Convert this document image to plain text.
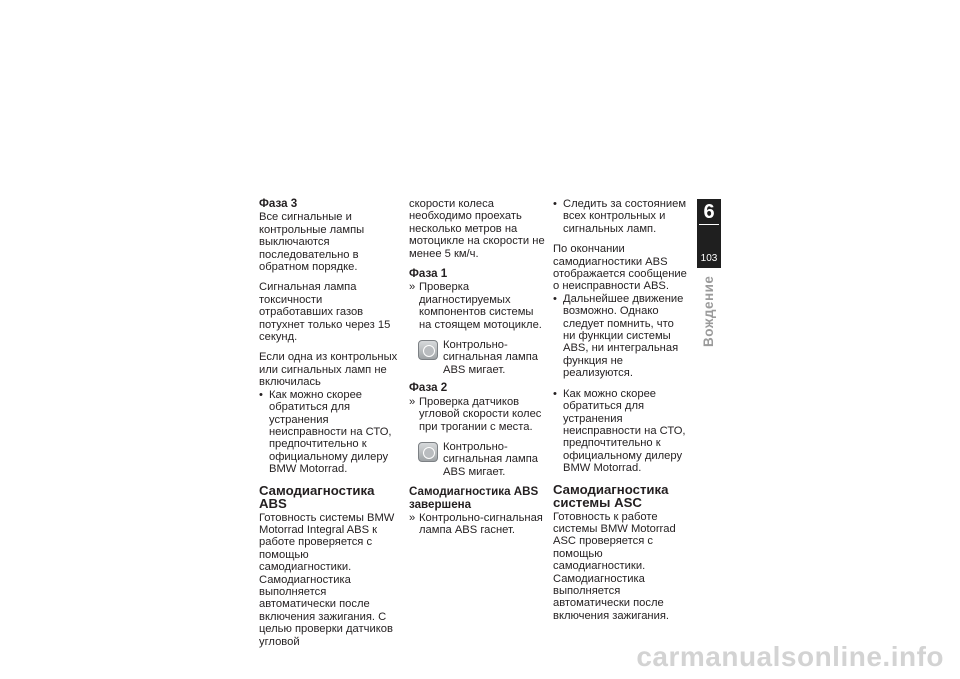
Фаза 3

Все сигнальные и контрольные лампы выключаются последовательно в обратном порядке.

Сигнальная лампа токсичности отработавших газов потухнет только через 15 секунд.

Если одна из контрольных или сигнальных ламп не включилась

• Как можно скорее обратиться для устранения неисправности на СТО, предпочтительно к официальному дилеру BMW Motorrad.

Самодиагностика ABS

Готовность системы BMW Motorrad Integral ABS к работе проверяется с помощью самодиагностики. Самодиагностика выполняется автоматически после включения зажигания. С целью проверки датчиков угловой

скорости колеса необходимо проехать несколько метров на мотоцикле на скорости не менее 5 км/ч.

Фаза 1

» Проверка диагностируемых компонентов системы на стоящем мотоцикле.

Контрольно-сигнальная лампа ABS мигает.
Фаза 2

» Проверка датчиков угловой скорости колес при трогании с места.

Контрольно-сигнальная лампа ABS мигает.
Самодиагностика ABS завершена

» Контрольно-сигнальная лампа ABS гаснет.

• Следить за состоянием всех контрольных и сигнальных ламп.

По окончании самодиагностики ABS отображается сообщение о неисправности ABS.

• Дальнейшее движение возможно. Однако следует помнить, что ни функции системы ABS, ни интегральная функция не реализуются.

• Как можно скорее обратиться для устранения неисправности на СТО, предпочтительно к официальному дилеру BMW Motorrad.

Самодиагностика системы ASC

Готовность к работе системы BMW Motorrad ASC проверяется с помощью самодиагностики. Самодиагностика выполняется автоматически после включения зажигания.

6
103
Вождение
carmanualsonline.info
